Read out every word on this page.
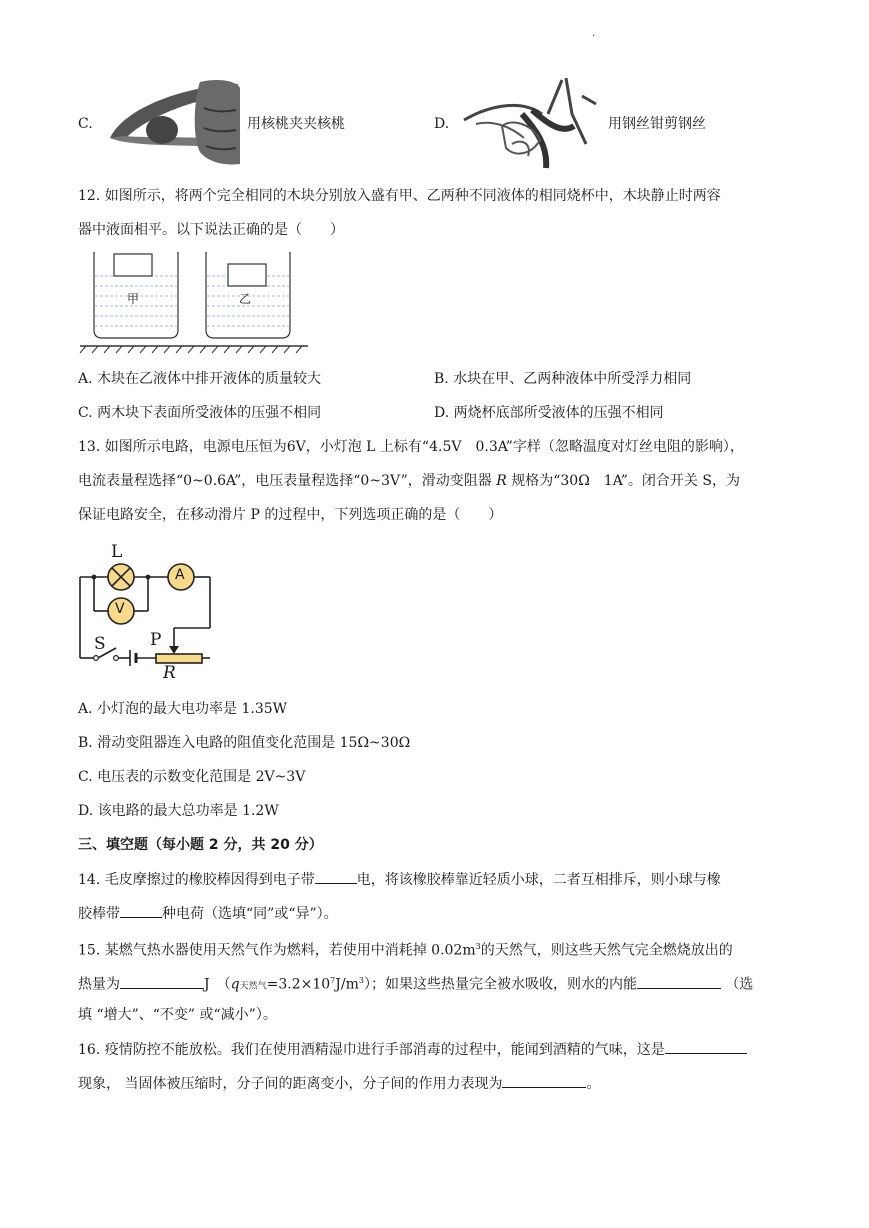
.
C.	用核桃夹夹核桃	D.	用钢丝钳剪钢丝
12. 如图所示，将两个完全相同的木块分别放入盛有甲、乙两种不同液体的相同烧杯中，木块静止时两容
器中液面相平。以下说法正确的是（　　）
甲	乙
A. 木块在乙液体中排开液体的质量较大	B. 水块在甲、乙两种液体中所受浮力相同
C. 两木块下表面所受液体的压强不相同	D. 两烧杯底部所受液体的压强不相同
13. 如图所示电路，电源电压恒为6V，小灯泡 L 上标有“4.5V　0.3A”字样（忽略温度对灯丝电阻的影响），
电流表量程选择“0~0.6A”，电压表量程选择“0~3V”，滑动变阻器 R 规格为“30Ω　1A”。闭合开关 S，为
保证电路安全，在移动滑片 P 的过程中，下列选项正确的是（　　）
L
A
V
S	P
R
A. 小灯泡的最大电功率是 1.35W
B. 滑动变阻器连入电路的阻值变化范围是 15Ω~30Ω
C. 电压表的示数变化范围是 2V~3V
D. 该电路的最大总功率是 1.2W
三、填空题（每小题 2 分，共 20 分）
14. 毛皮摩擦过的橡胶棒因得到电子带	电，将该橡胶棒靠近轻质小球，二者互相排斥，则小球与橡
胶棒带	种电荷（选填“同”或“异”）。
15. 某燃气热水器使用天然气作为燃料，若使用中消耗掉 $0.02m^3$的天然气，则这些天然气完全燃烧放出的
热量为	J　（q天然气$=3.2\times 10^7J/m^3$）；如果这些热量完全被水吸收，则水的内能	（选
填 “增大”、“不变” 或“减小”）。
16. 疫情防控不能放松。我们在使用酒精湿巾进行手部消毒的过程中，能闻到酒精的气味，这是
现象， 当固体被压缩时，分子间的距离变小，分子间的作用力表现为	。
